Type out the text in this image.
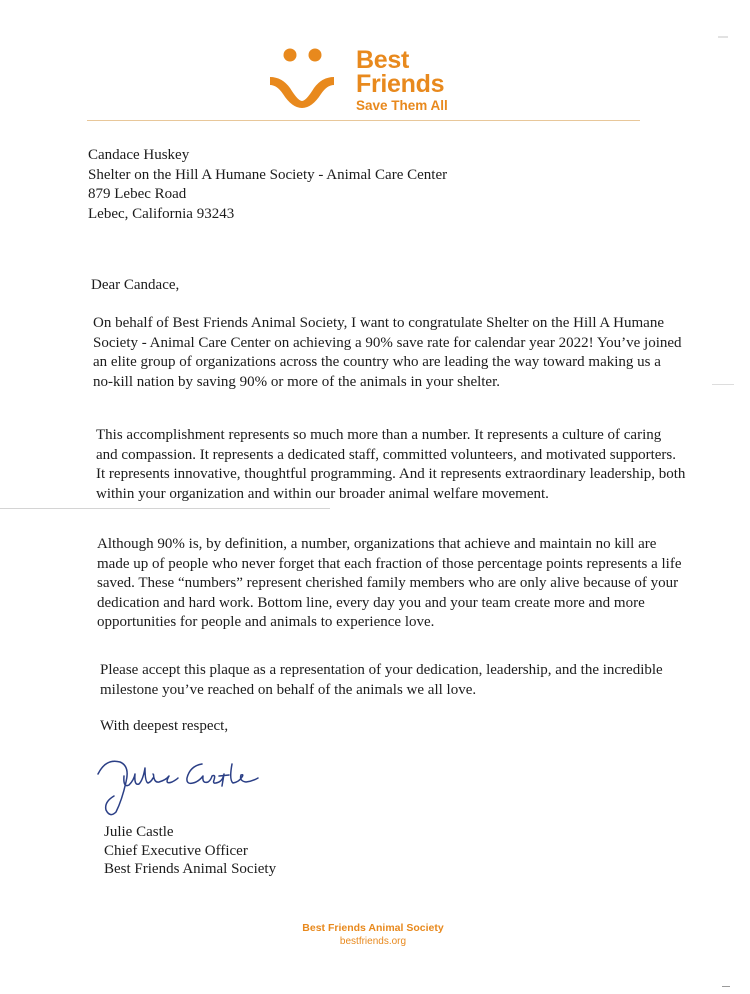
Best
Friends
Save Them All
Candace Huskey
Shelter on the Hill A Humane Society - Animal Care Center
879 Lebec Road
Lebec, California 93243
Dear Candace,
On behalf of Best Friends Animal Society, I want to congratulate Shelter on the Hill A Humane Society - Animal Care Center on achieving a 90% save rate for calendar year 2022! You’ve joined an elite group of organizations across the country who are leading the way toward making us a no-kill nation by saving 90% or more of the animals in your shelter.
This accomplishment represents so much more than a number. It represents a culture of caring and compassion. It represents a dedicated staff, committed volunteers, and motivated supporters. It represents innovative, thoughtful programming. And it represents extraordinary leadership, both within your organization and within our broader animal welfare movement.
Although 90% is, by definition, a number, organizations that achieve and maintain no kill are made up of people who never forget that each fraction of those percentage points represents a life saved. These “numbers” represent cherished family members who are only alive because of your dedication and hard work. Bottom line, every day you and your team create more and more opportunities for people and animals to experience love.
Please accept this plaque as a representation of your dedication, leadership, and the incredible milestone you’ve reached on behalf of the animals we all love.
With deepest respect,
Julie Castle
Chief Executive Officer
Best Friends Animal Society
Best Friends Animal Society
bestfriends.org
